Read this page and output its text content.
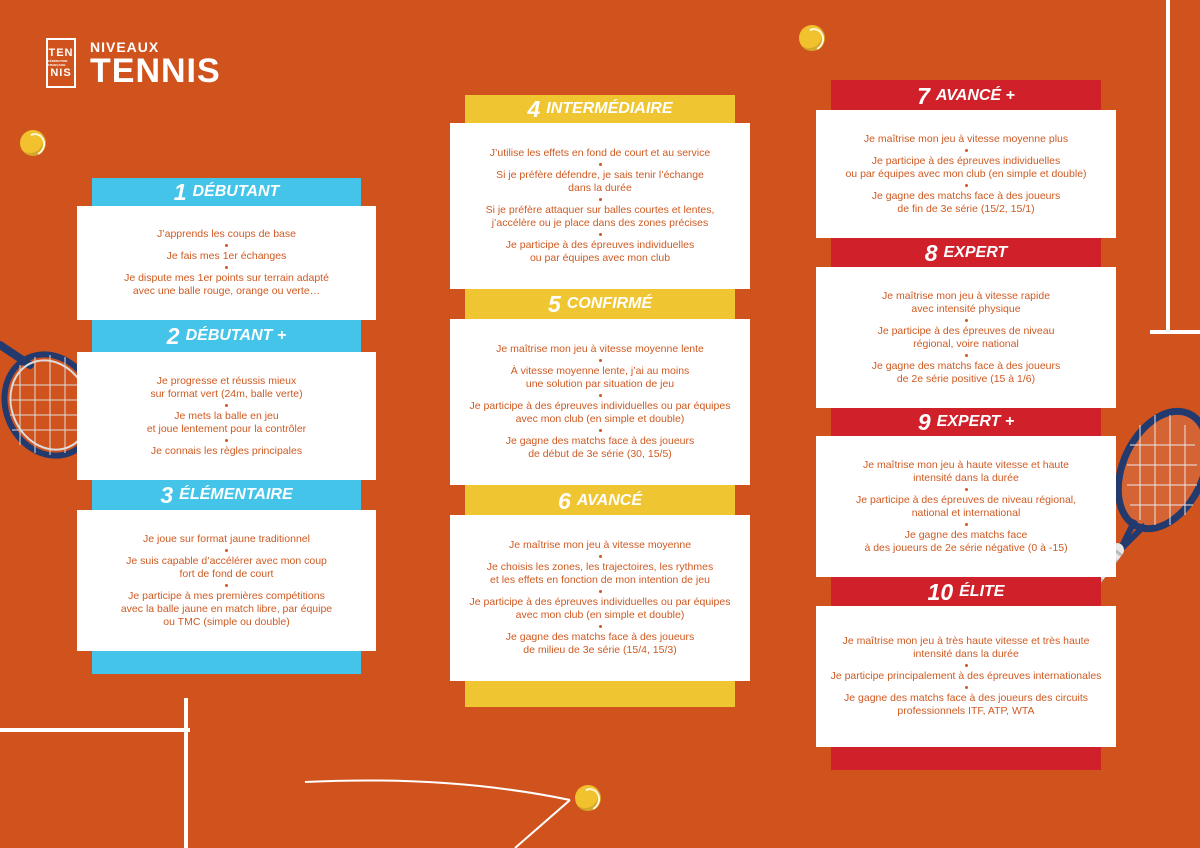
TEN
FÉDÉRATION FRANÇAISE
NIS
NIVEAUX
TENNIS
1 DÉBUTANT
J’apprends les coups de base
Je fais mes 1er échanges
Je dispute mes 1er points sur terrain adapté
avec une balle rouge, orange ou verte…
2 DÉBUTANT +
Je progresse et réussis mieux
sur format vert (24m, balle verte)
Je mets la balle en jeu
et joue lentement pour la contrôler
Je connais les règles principales
3 ÉLÉMENTAIRE
Je joue sur format jaune traditionnel
Je suis capable d’accélérer avec mon coup
fort de fond de court
Je participe à mes premières compétitions
avec la balle jaune en match libre, par équipe
ou TMC (simple ou double)
4 INTERMÉDIAIRE
J’utilise les effets en fond de court et au service
Si je préfère défendre, je sais tenir l’échange
dans la durée
Si je préfère attaquer sur balles courtes et lentes,
j’accélère ou je place dans des zones précises
Je participe à des épreuves individuelles
ou par équipes avec mon club
5 CONFIRMÉ
Je maîtrise mon jeu à vitesse moyenne lente
À vitesse moyenne lente, j’ai au moins
une solution par situation de jeu
Je participe à des épreuves individuelles ou par équipes
avec mon club (en simple et double)
Je gagne des matchs face à des joueurs
de début de 3e série (30, 15/5)
6 AVANCÉ
Je maîtrise mon jeu à vitesse moyenne
Je choisis les zones, les trajectoires, les rythmes
et les effets en fonction de mon intention de jeu
Je participe à des épreuves individuelles ou par équipes
avec mon club (en simple et double)
Je gagne des matchs face à des joueurs
de milieu de 3e série (15/4, 15/3)
7 AVANCÉ +
Je maîtrise mon jeu à vitesse moyenne plus
Je participe à des épreuves individuelles
ou par équipes avec mon club (en simple et double)
Je gagne des matchs face à des joueurs
de fin de 3e série (15/2, 15/1)
8 EXPERT
Je maîtrise mon jeu à vitesse rapide
avec intensité physique
Je participe à des épreuves de niveau
régional, voire national
Je gagne des matchs face à des joueurs
de 2e série positive (15 à 1/6)
9 EXPERT +
Je maîtrise mon jeu à haute vitesse et haute
intensité dans la durée
Je participe à des épreuves de niveau régional,
national et international
Je gagne des matchs face
à des joueurs de 2e série négative (0 à -15)
10 ÉLITE
Je maîtrise mon jeu à très haute vitesse et très haute
intensité dans la durée
Je participe principalement à des épreuves internationales
Je gagne des matchs face à des joueurs des circuits
professionnels ITF, ATP, WTA
